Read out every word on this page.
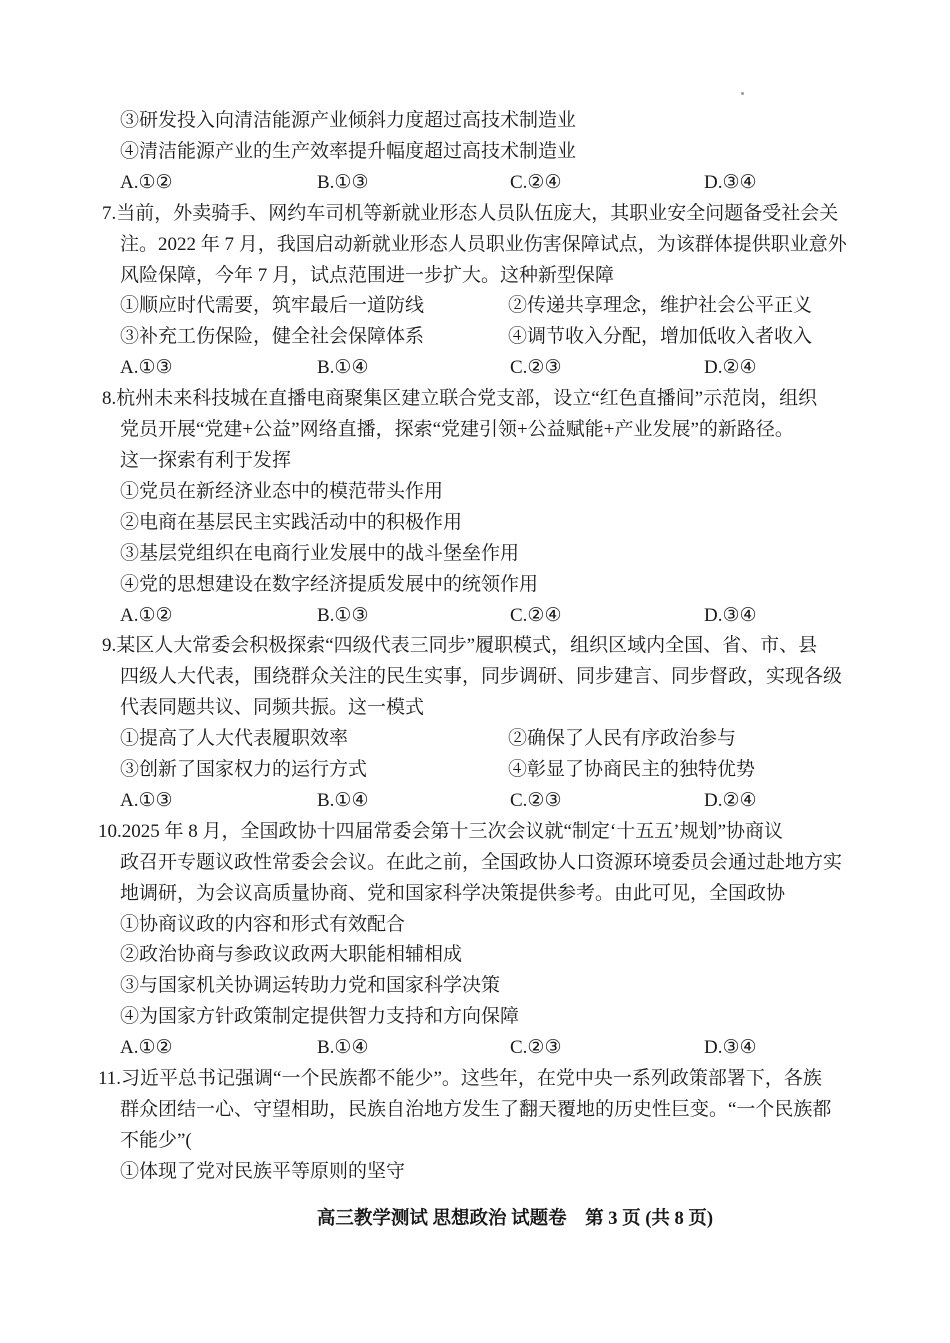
③研发投入向清洁能源产业倾斜力度超过高技术制造业
④清洁能源产业的生产效率提升幅度超过高技术制造业
A.①②	B.①③	C.②④	D.③④
7.当前，外卖骑手、网约车司机等新就业形态人员队伍庞大，其职业安全问题备受社会关
注。2022 年 7 月，我国启动新就业形态人员职业伤害保障试点，为该群体提供职业意外
风险保障，今年 7 月，试点范围进一步扩大。这种新型保障
①顺应时代需要，筑牢最后一道防线	②传递共享理念，维护社会公平正义
③补充工伤保险，健全社会保障体系	④调节收入分配，增加低收入者收入
A.①③	B.①④	C.②③	D.②④
8.杭州未来科技城在直播电商聚集区建立联合党支部，设立“红色直播间”示范岗，组织
党员开展“党建+公益”网络直播，探索“党建引领+公益赋能+产业发展”的新路径。
这一探索有利于发挥
①党员在新经济业态中的模范带头作用
②电商在基层民主实践活动中的积极作用
③基层党组织在电商行业发展中的战斗堡垒作用
④党的思想建设在数字经济提质发展中的统领作用
A.①②	B.①③	C.②④	D.③④
9.某区人大常委会积极探索“四级代表三同步”履职模式，组织区域内全国、省、市、县
四级人大代表，围绕群众关注的民生实事，同步调研、同步建言、同步督政，实现各级
代表同题共议、同频共振。这一模式
①提高了人大代表履职效率	②确保了人民有序政治参与
③创新了国家权力的运行方式	④彰显了协商民主的独特优势
A.①③	B.①④	C.②③	D.②④
10.2025 年 8 月，全国政协十四届常委会第十三次会议就“制定‘十五五’规划”协商议
政召开专题议政性常委会会议。在此之前，全国政协人口资源环境委员会通过赴地方实
地调研，为会议高质量协商、党和国家科学决策提供参考。由此可见，全国政协
①协商议政的内容和形式有效配合
②政治协商与参政议政两大职能相辅相成
③与国家机关协调运转助力党和国家科学决策
④为国家方针政策制定提供智力支持和方向保障
A.①②	B.①④	C.②③	D.③④
11.习近平总书记强调“一个民族都不能少”。这些年，在党中央一系列政策部署下，各族
群众团结一心、守望相助，民族自治地方发生了翻天覆地的历史性巨变。“一个民族都
不能少”(
①体现了党对民族平等原则的坚守
高三教学测试 思想政治 试题卷　第 3 页 (共 8 页)
